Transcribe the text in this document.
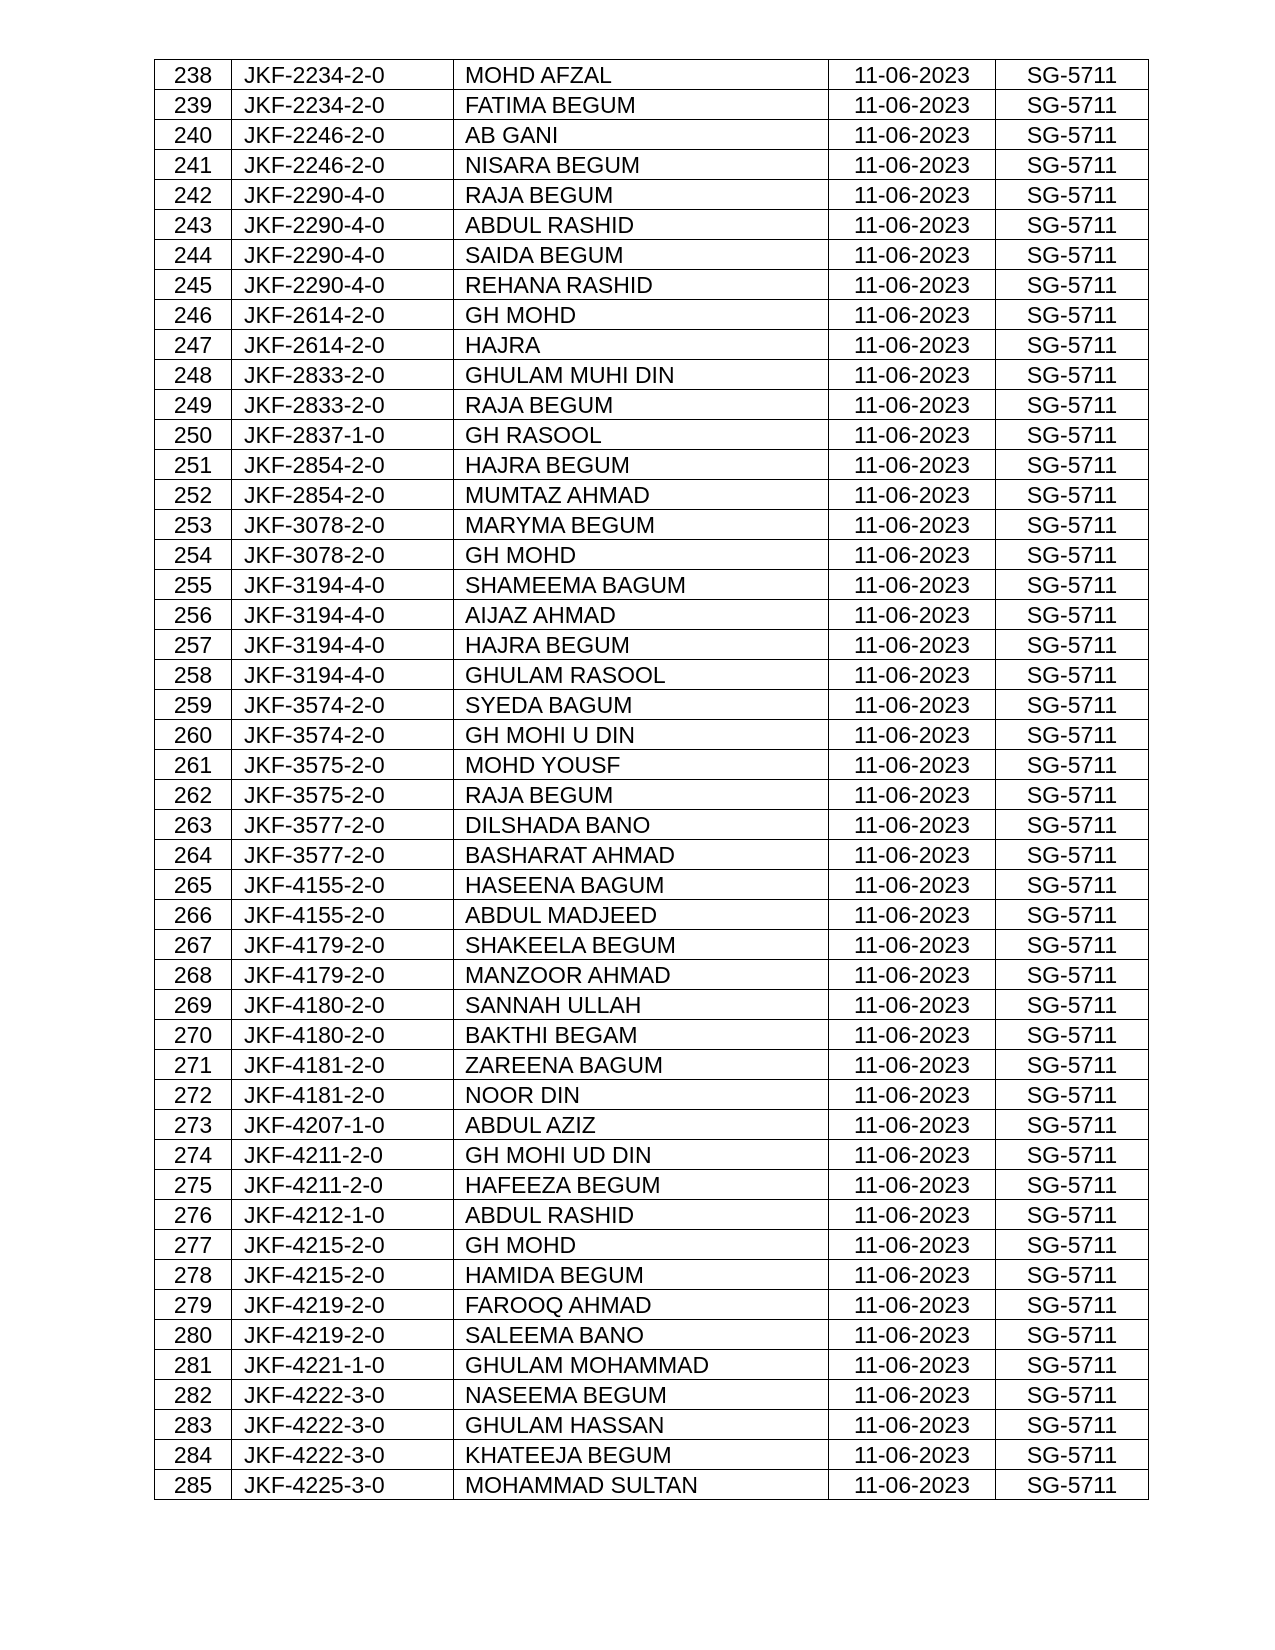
238	JKF-2234-2-0	MOHD AFZAL	11-06-2023	SG-5711
239	JKF-2234-2-0	FATIMA BEGUM	11-06-2023	SG-5711
240	JKF-2246-2-0	AB GANI	11-06-2023	SG-5711
241	JKF-2246-2-0	NISARA BEGUM	11-06-2023	SG-5711
242	JKF-2290-4-0	RAJA BEGUM	11-06-2023	SG-5711
243	JKF-2290-4-0	ABDUL RASHID	11-06-2023	SG-5711
244	JKF-2290-4-0	SAIDA BEGUM	11-06-2023	SG-5711
245	JKF-2290-4-0	REHANA RASHID	11-06-2023	SG-5711
246	JKF-2614-2-0	GH MOHD	11-06-2023	SG-5711
247	JKF-2614-2-0	HAJRA	11-06-2023	SG-5711
248	JKF-2833-2-0	GHULAM MUHI DIN	11-06-2023	SG-5711
249	JKF-2833-2-0	RAJA BEGUM	11-06-2023	SG-5711
250	JKF-2837-1-0	GH RASOOL	11-06-2023	SG-5711
251	JKF-2854-2-0	HAJRA BEGUM	11-06-2023	SG-5711
252	JKF-2854-2-0	MUMTAZ AHMAD	11-06-2023	SG-5711
253	JKF-3078-2-0	MARYMA BEGUM	11-06-2023	SG-5711
254	JKF-3078-2-0	GH MOHD	11-06-2023	SG-5711
255	JKF-3194-4-0	SHAMEEMA BAGUM	11-06-2023	SG-5711
256	JKF-3194-4-0	AIJAZ AHMAD	11-06-2023	SG-5711
257	JKF-3194-4-0	HAJRA BEGUM	11-06-2023	SG-5711
258	JKF-3194-4-0	GHULAM RASOOL	11-06-2023	SG-5711
259	JKF-3574-2-0	SYEDA BAGUM	11-06-2023	SG-5711
260	JKF-3574-2-0	GH MOHI U DIN	11-06-2023	SG-5711
261	JKF-3575-2-0	MOHD YOUSF	11-06-2023	SG-5711
262	JKF-3575-2-0	RAJA BEGUM	11-06-2023	SG-5711
263	JKF-3577-2-0	DILSHADA BANO	11-06-2023	SG-5711
264	JKF-3577-2-0	BASHARAT AHMAD	11-06-2023	SG-5711
265	JKF-4155-2-0	HASEENA BAGUM	11-06-2023	SG-5711
266	JKF-4155-2-0	ABDUL MADJEED	11-06-2023	SG-5711
267	JKF-4179-2-0	SHAKEELA BEGUM	11-06-2023	SG-5711
268	JKF-4179-2-0	MANZOOR AHMAD	11-06-2023	SG-5711
269	JKF-4180-2-0	SANNAH ULLAH	11-06-2023	SG-5711
270	JKF-4180-2-0	BAKTHI BEGAM	11-06-2023	SG-5711
271	JKF-4181-2-0	ZAREENA BAGUM	11-06-2023	SG-5711
272	JKF-4181-2-0	NOOR DIN	11-06-2023	SG-5711
273	JKF-4207-1-0	ABDUL AZIZ	11-06-2023	SG-5711
274	JKF-4211-2-0	GH MOHI UD DIN	11-06-2023	SG-5711
275	JKF-4211-2-0	HAFEEZA BEGUM	11-06-2023	SG-5711
276	JKF-4212-1-0	ABDUL RASHID	11-06-2023	SG-5711
277	JKF-4215-2-0	GH MOHD	11-06-2023	SG-5711
278	JKF-4215-2-0	HAMIDA BEGUM	11-06-2023	SG-5711
279	JKF-4219-2-0	FAROOQ AHMAD	11-06-2023	SG-5711
280	JKF-4219-2-0	SALEEMA BANO	11-06-2023	SG-5711
281	JKF-4221-1-0	GHULAM MOHAMMAD	11-06-2023	SG-5711
282	JKF-4222-3-0	NASEEMA BEGUM	11-06-2023	SG-5711
283	JKF-4222-3-0	GHULAM HASSAN	11-06-2023	SG-5711
284	JKF-4222-3-0	KHATEEJA BEGUM	11-06-2023	SG-5711
285	JKF-4225-3-0	MOHAMMAD SULTAN	11-06-2023	SG-5711
